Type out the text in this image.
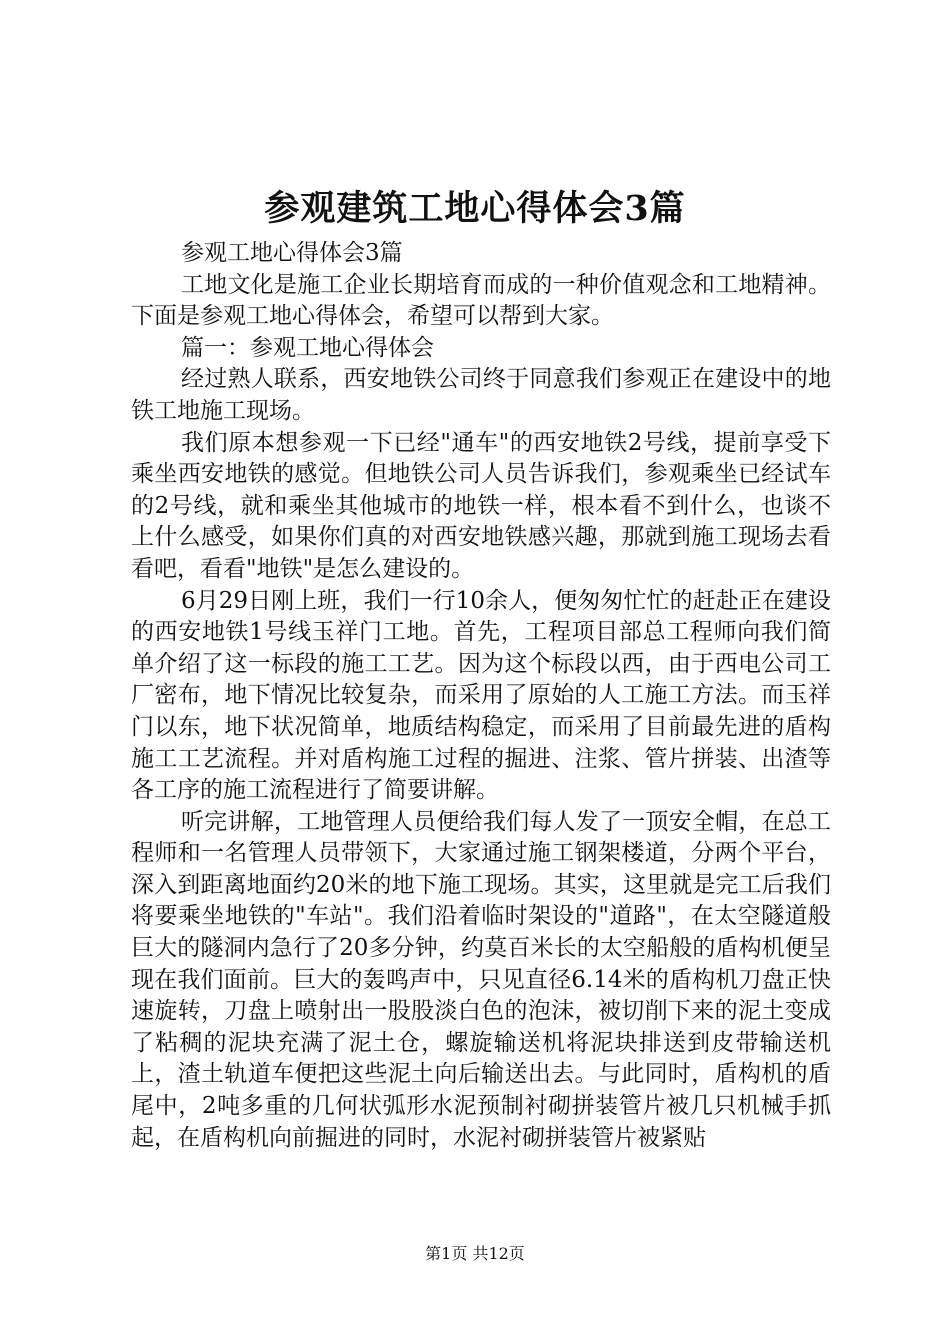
参观建筑工地心得体会3篇

参观工地心得体会3篇

工地文化是施工企业长期培育而成的一种价值观念和工地精神。下面是参观工地心得体会，希望可以帮到大家。

篇一：参观工地心得体会

经过熟人联系，西安地铁公司终于同意我们参观正在建设中的地铁工地施工现场。

我们原本想参观一下已经"通车"的西安地铁2号线，提前享受下乘坐西安地铁的感觉。但地铁公司人员告诉我们，参观乘坐已经试车的2号线，就和乘坐其他城市的地铁一样，根本看不到什么，也谈不上什么感受，如果你们真的对西安地铁感兴趣，那就到施工现场去看看吧，看看"地铁"是怎么建设的。

6月29日刚上班，我们一行10余人，便匆匆忙忙的赶赴正在建设的西安地铁1号线玉祥门工地。首先，工程项目部总工程师向我们简单介绍了这一标段的施工工艺。因为这个标段以西，由于西电公司工厂密布，地下情况比较复杂，而采用了原始的人工施工方法。而玉祥门以东，地下状况简单，地质结构稳定，而采用了目前最先进的盾构施工工艺流程。并对盾构施工过程的掘进、注浆、管片拼装、出渣等各工序的施工流程进行了简要讲解。

听完讲解，工地管理人员便给我们每人发了一顶安全帽，在总工程师和一名管理人员带领下，大家通过施工钢架楼道，分两个平台，深入到距离地面约20米的地下施工现场。其实，这里就是完工后我们将要乘坐地铁的"车站"。我们沿着临时架设的"道路"，在太空隧道般巨大的隧洞内急行了20多分钟，约莫百米长的太空船般的盾构机便呈现在我们面前。巨大的轰鸣声中，只见直径6.14米的盾构机刀盘正快速旋转，刀盘上喷射出一股股淡白色的泡沫，被切削下来的泥土变成了粘稠的泥块充满了泥土仓，螺旋输送机将泥块排送到皮带输送机上，渣土轨道车便把这些泥土向后输送出去。与此同时，盾构机的盾尾中，2吨多重的几何状弧形水泥预制衬砌拼装管片被几只机械手抓起，在盾构机向前掘进的同时，水泥衬砌拼装管片被紧贴

第1页 共12页
